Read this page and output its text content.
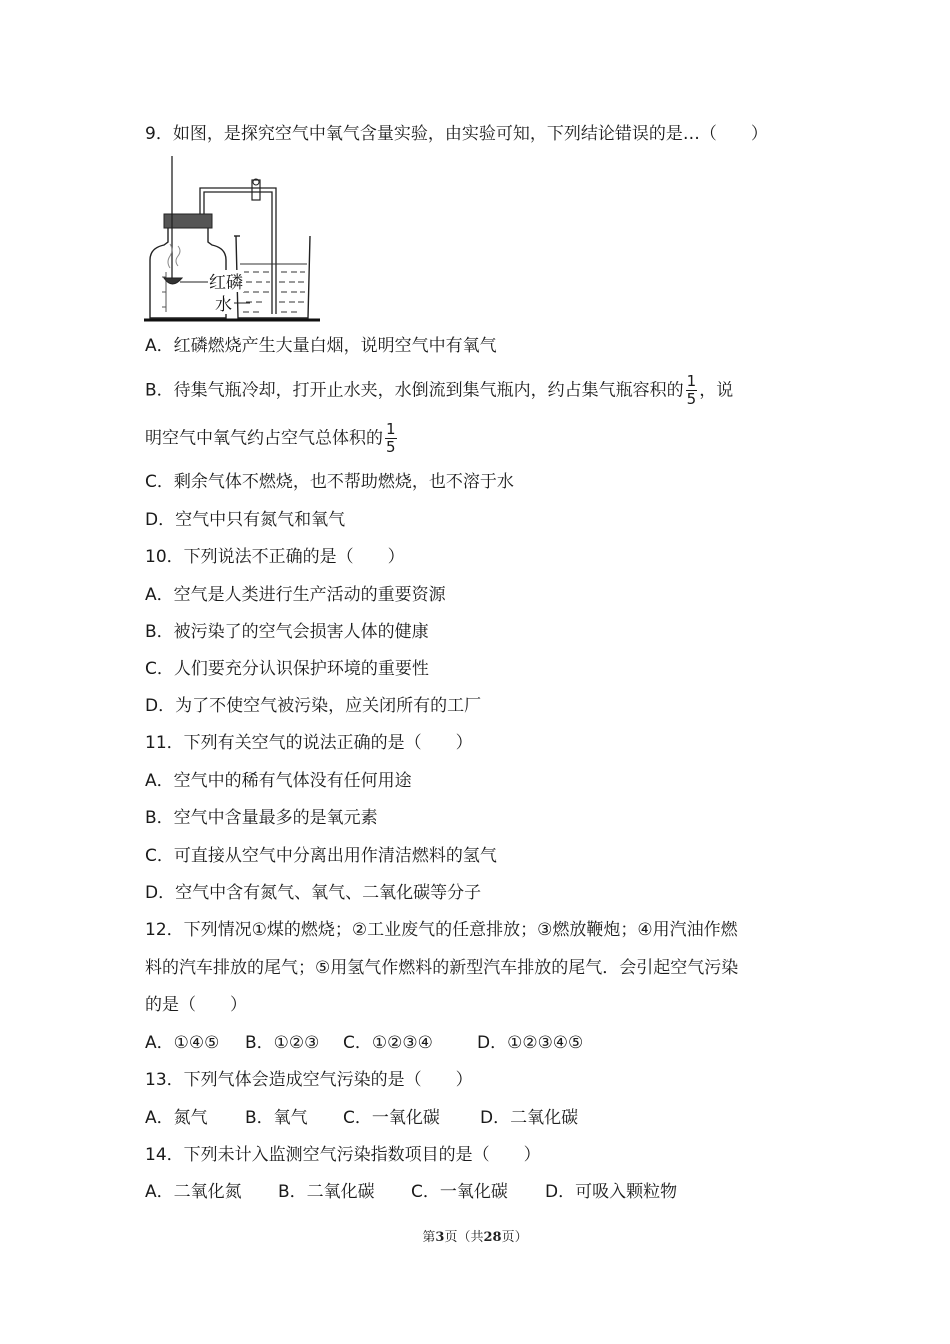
9．如图，是探究空气中氧气含量实验，由实验可知，下列结论错误的是…（　　）
红磷
水
A．红磷燃烧产生大量白烟，说明空气中有氧气
B．待集气瓶冷却，打开止水夹，水倒流到集气瓶内，约占集气瓶容积的 $\frac{1}{5}$ ，说
明空气中氧气约占空气总体积的 $\frac{1}{5}$
C．剩余气体不燃烧，也不帮助燃烧，也不溶于水
D．空气中只有氮气和氧气
10．下列说法不正确的是（　　）
A．空气是人类进行生产活动的重要资源
B．被污染了的空气会损害人体的健康
C．人们要充分认识保护环境的重要性
D．为了不使空气被污染，应关闭所有的工厂
11．下列有关空气的说法正确的是（　　）
A．空气中的稀有气体没有任何用途
B．空气中含量最多的是氧元素
C．可直接从空气中分离出用作清洁燃料的氢气
D．空气中含有氮气、氧气、二氧化碳等分子
12．下列情况①煤的燃烧；②工业废气的任意排放；③燃放鞭炮；④用汽油作燃
料的汽车排放的尾气；⑤用氢气作燃料的新型汽车排放的尾气．会引起空气污染
的是（　　）
A．①④⑤ B．①②③ C．①②③④	D．①②③④⑤
13．下列气体会造成空气污染的是（　　）
A．氮气 B．氧气 C．一氧化碳 D．二氧化碳
14．下列未计入监测空气污染指数项目的是（　　）
A．二氧化氮 B．二氧化碳 C．一氧化碳 D．可吸入颗粒物
第3页（共28页）
